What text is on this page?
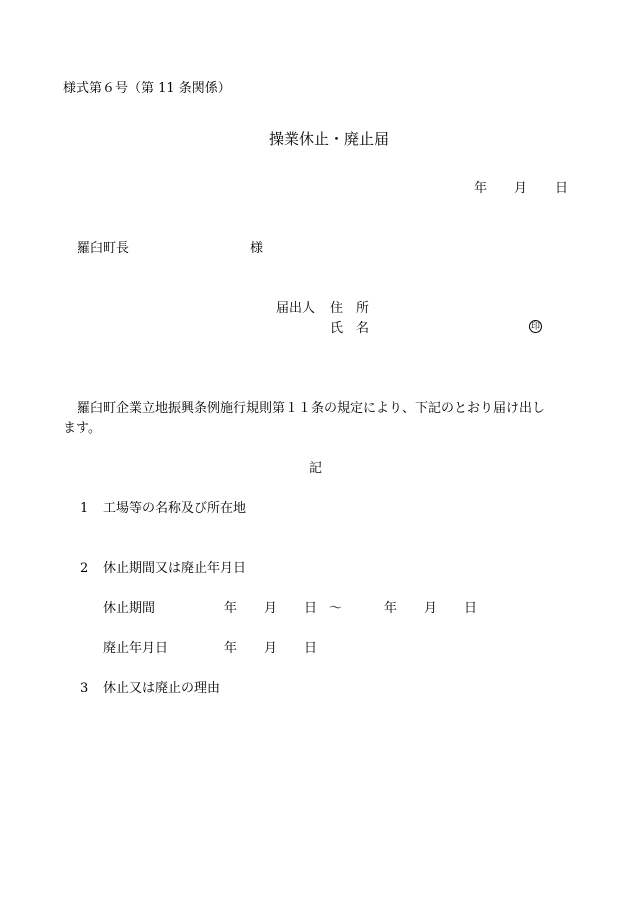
様式第６号（第 11 条関係）
操業休止・廃止届
年 月 日
羅臼町長	様
届出人 住　所
氏　名	印
羅臼町企業立地振興条例施行規則第１１条の規定により、下記のとおり届け出し
ます。
記
1 工場等の名称及び所在地
2 休止期間又は廃止年月日
休止期間	年 月 日 ～	年 月 日
廃止年月日	年 月 日
3 休止又は廃止の理由
